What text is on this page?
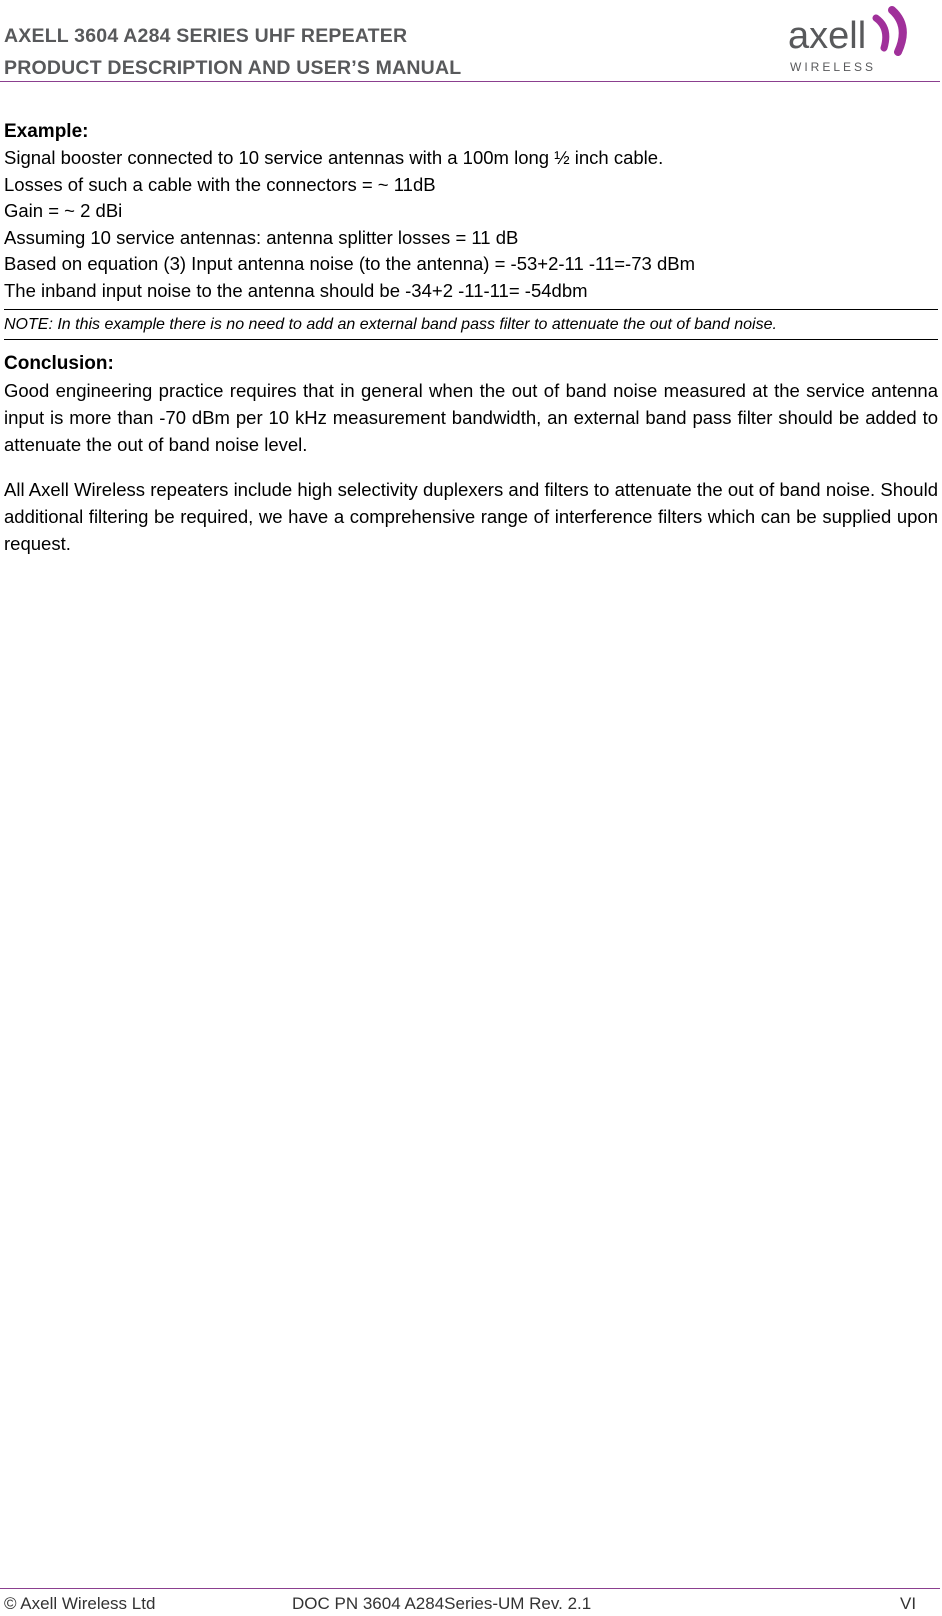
AXELL 3604 A284 SERIES UHF REPEATER
PRODUCT DESCRIPTION AND USER’S MANUAL
axell
WIRELESS
Example:
Signal booster connected to 10 service antennas with a 100m long ½ inch cable.
Losses of such a cable with the connectors = ~ 11dB
Gain = ~ 2 dBi
Assuming 10 service antennas: antenna splitter losses = 11 dB
Based on equation (3) Input antenna noise (to the antenna) = -53+2-11 -11=-73 dBm
The inband input noise to the antenna should be -34+2 -11-11= -54dbm
NOTE: In this example there is no need to add an external band pass filter to attenuate the out of band noise.
Conclusion:

Good engineering practice requires that in general when the out of band noise measured at the service antenna input is more than -70 dBm per 10 kHz measurement bandwidth, an external band pass filter should be added to attenuate the out of band noise level.

All Axell Wireless repeaters include high selectivity duplexers and filters to attenuate the out of band noise. Should additional filtering be required, we have a comprehensive range of interference filters which can be supplied upon request.

© Axell Wireless Ltd	DOC PN 3604 A284Series-UM Rev. 2.1	VI
